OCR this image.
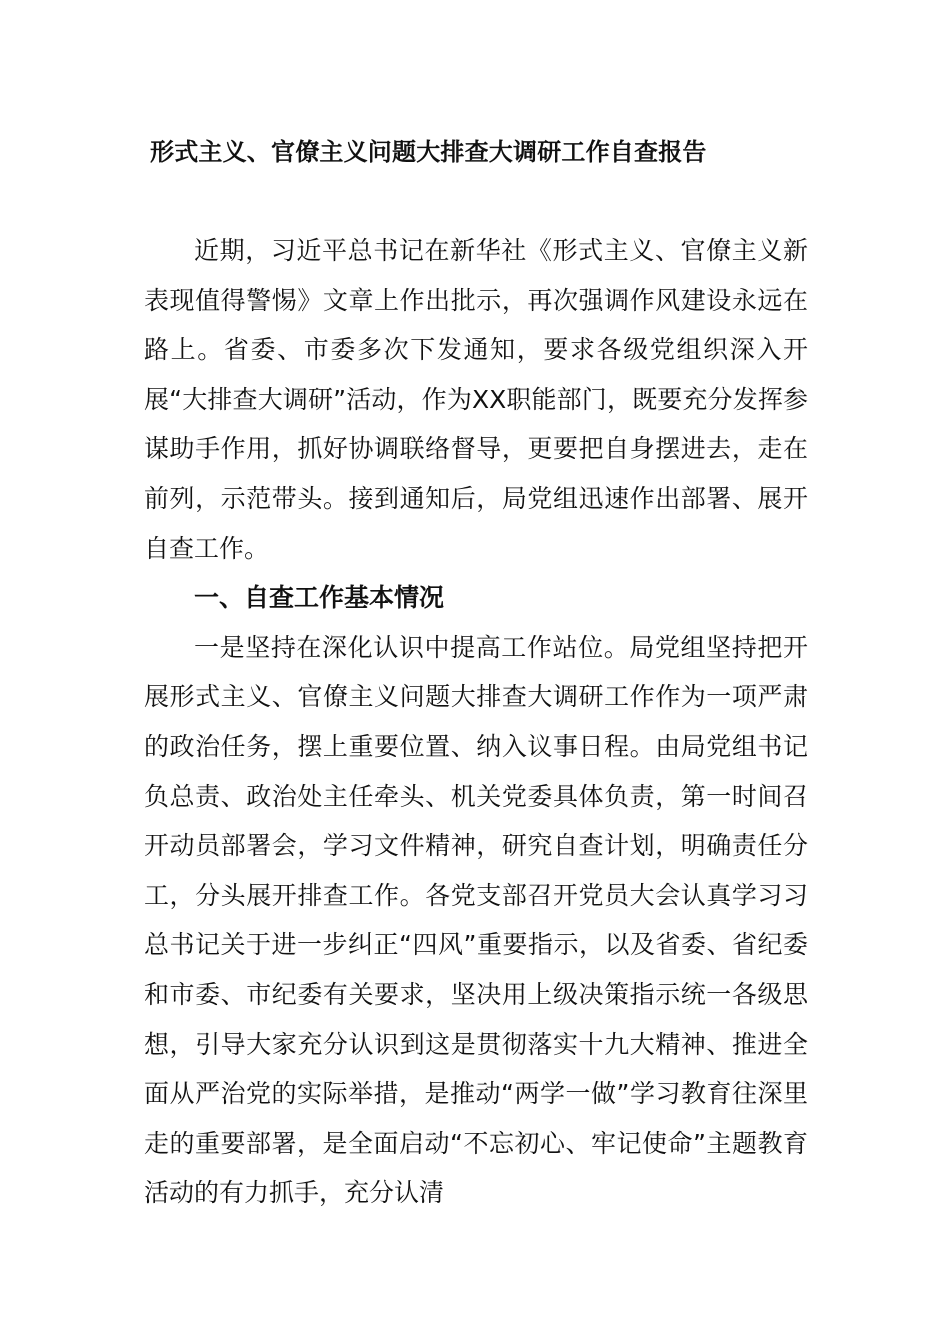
形式主义、官僚主义问题大排查大调研工作自查报告

近期，习近平总书记在新华社《形式主义、官僚主义新表现值得警惕》文章上作出批示，再次强调作风建设永远在路上。省委、市委多次下发通知，要求各级党组织深入开展“大排查大调研”活动，作为XX职能部门，既要充分发挥参谋助手作用，抓好协调联络督导，更要把自身摆进去，走在前列，示范带头。接到通知后，局党组迅速作出部署、展开自查工作。

一、自查工作基本情况

一是坚持在深化认识中提高工作站位。局党组坚持把开展形式主义、官僚主义问题大排查大调研工作作为一项严肃的政治任务，摆上重要位置、纳入议事日程。由局党组书记负总责、政治处主任牵头、机关党委具体负责，第一时间召开动员部署会，学习文件精神，研究自查计划，明确责任分工，分头展开排查工作。各党支部召开党员大会认真学习习总书记关于进一步纠正“四风”重要指示，以及省委、省纪委和市委、市纪委有关要求，坚决用上级决策指示统一各级思想，引导大家充分认识到这是贯彻落实十九大精神、推进全面从严治党的实际举措，是推动“两学一做”学习教育往深里走的重要部署，是全面启动“不忘初心、牢记使命”主题教育活动的有力抓手，充分认清
